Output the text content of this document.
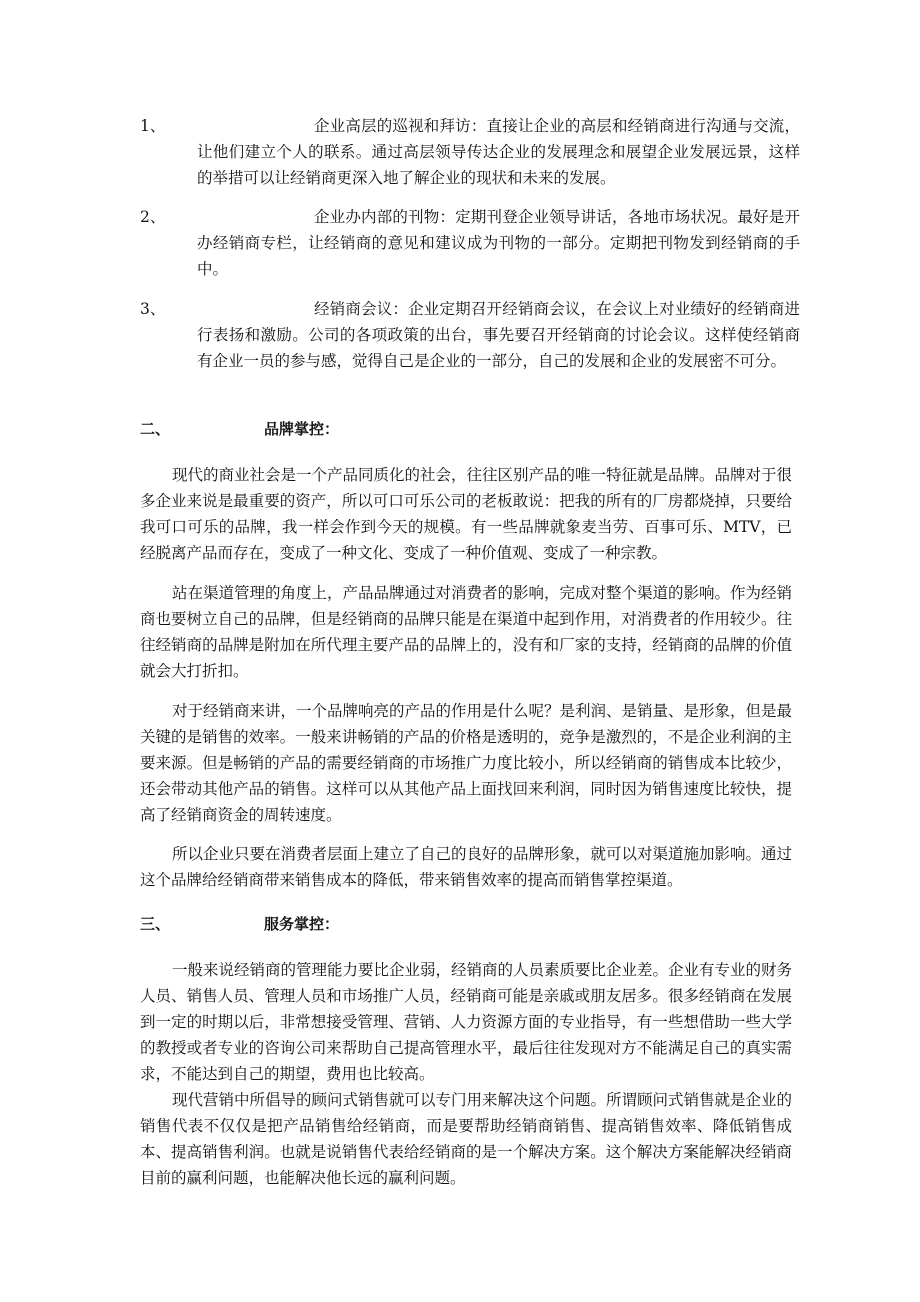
1、	企业高层的巡视和拜访：直接让企业的高层和经销商进行沟通与交流，让他们建立个人的联系。通过高层领导传达企业的发展理念和展望企业发展远景，这样的举措可以让经销商更深入地了解企业的现状和未来的发展。
2、	企业办内部的刊物：定期刊登企业领导讲话，各地市场状况。最好是开办经销商专栏，让经销商的意见和建议成为刊物的一部分。定期把刊物发到经销商的手中。
3、	经销商会议：企业定期召开经销商会议，在会议上对业绩好的经销商进行表扬和激励。公司的各项政策的出台，事先要召开经销商的讨论会议。这样使经销商有企业一员的参与感，觉得自己是企业的一部分，自己的发展和企业的发展密不可分。
二、	品牌掌控：

现代的商业社会是一个产品同质化的社会，往往区别产品的唯一特征就是品牌。品牌对于很多企业来说是最重要的资产，所以可口可乐公司的老板敢说：把我的所有的厂房都烧掉，只要给我可口可乐的品牌，我一样会作到今天的规模。有一些品牌就象麦当劳、百事可乐、MTV，已经脱离产品而存在，变成了一种文化、变成了一种价值观、变成了一种宗教。

站在渠道管理的角度上，产品品牌通过对消费者的影响，完成对整个渠道的影响。作为经销商也要树立自己的品牌，但是经销商的品牌只能是在渠道中起到作用，对消费者的作用较少。往往经销商的品牌是附加在所代理主要产品的品牌上的，没有和厂家的支持，经销商的品牌的价值就会大打折扣。

对于经销商来讲，一个品牌响亮的产品的作用是什么呢？是利润、是销量、是形象，但是最关键的是销售的效率。一般来讲畅销的产品的价格是透明的，竞争是激烈的，不是企业利润的主要来源。但是畅销的产品的需要经销商的市场推广力度比较小，所以经销商的销售成本比较少，还会带动其他产品的销售。这样可以从其他产品上面找回来利润，同时因为销售速度比较快，提高了经销商资金的周转速度。

所以企业只要在消费者层面上建立了自己的良好的品牌形象，就可以对渠道施加影响。通过这个品牌给经销商带来销售成本的降低，带来销售效率的提高而销售掌控渠道。

三、	服务掌控：

一般来说经销商的管理能力要比企业弱，经销商的人员素质要比企业差。企业有专业的财务人员、销售人员、管理人员和市场推广人员，经销商可能是亲戚或朋友居多。很多经销商在发展到一定的时期以后，非常想接受管理、营销、人力资源方面的专业指导，有一些想借助一些大学的教授或者专业的咨询公司来帮助自己提高管理水平，最后往往发现对方不能满足自己的真实需求，不能达到自己的期望，费用也比较高。

现代营销中所倡导的顾问式销售就可以专门用来解决这个问题。所谓顾问式销售就是企业的销售代表不仅仅是把产品销售给经销商，而是要帮助经销商销售、提高销售效率、降低销售成本、提高销售利润。也就是说销售代表给经销商的是一个解决方案。这个解决方案能解决经销商目前的赢利问题，也能解决他长远的赢利问题。
